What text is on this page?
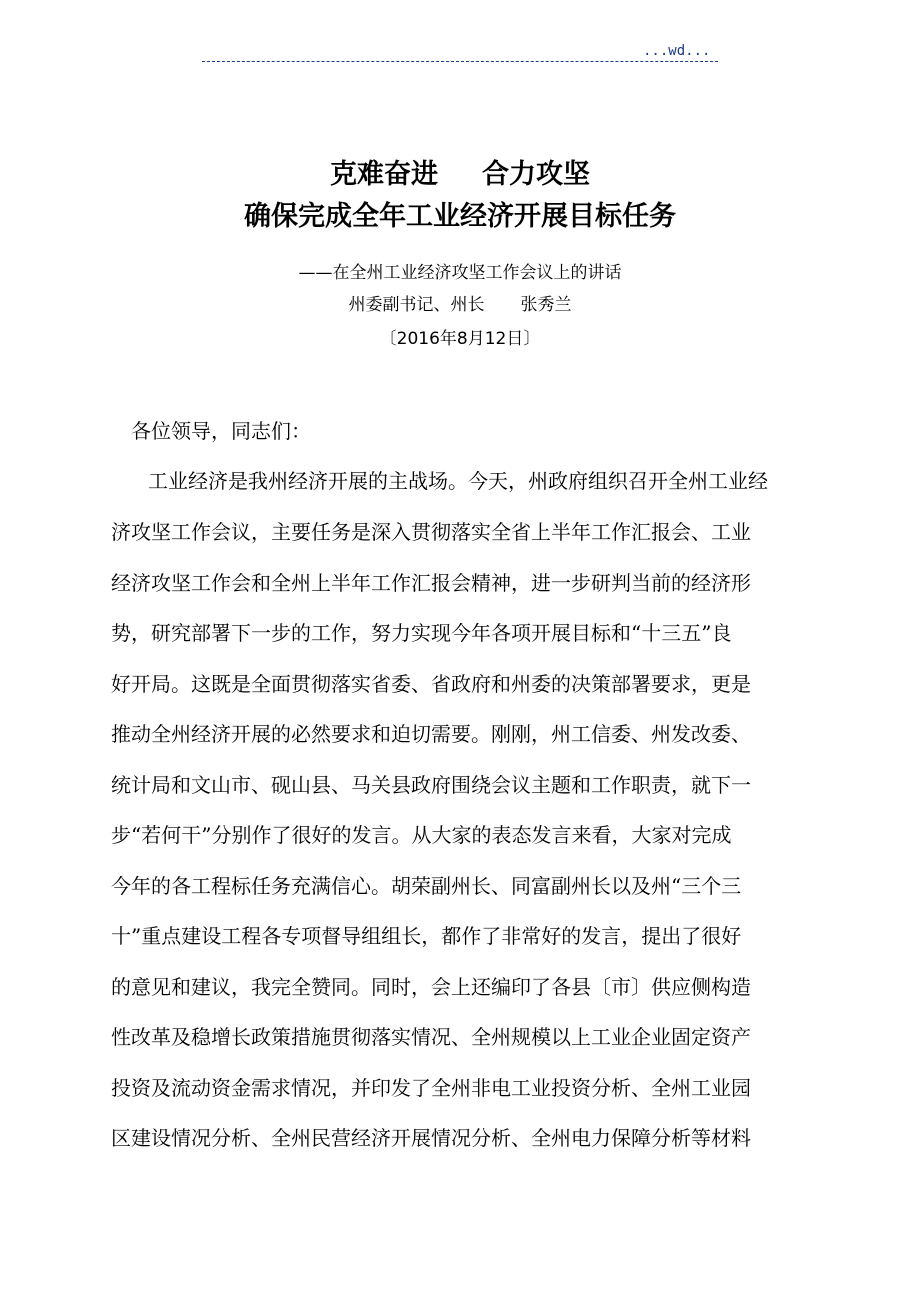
...wd...
克难奋进 合力攻坚
确保完成全年工业经济开展目标任务
——在全州工业经济攻坚工作会议上的讲话
州委副书记、州长 张秀兰
〔2016年8月12日〕
各位领导，同志们：
工业经济是我州经济开展的主战场。今天，州政府组织召开全州工业经
济攻坚工作会议，主要任务是深入贯彻落实全省上半年工作汇报会、工业
经济攻坚工作会和全州上半年工作汇报会精神，进一步研判当前的经济形
势，研究部署下一步的工作，努力实现今年各项开展目标和“十三五”良
好开局。这既是全面贯彻落实省委、省政府和州委的决策部署要求，更是
推动全州经济开展的必然要求和迫切需要。刚刚，州工信委、州发改委、
统计局和文山市、砚山县、马关县政府围绕会议主题和工作职责，就下一
步“若何干”分别作了很好的发言。从大家的表态发言来看，大家对完成
今年的各工程标任务充满信心。胡荣副州长、同富副州长以及州“三个三
十”重点建设工程各专项督导组组长，都作了非常好的发言，提出了很好
的意见和建议，我完全赞同。同时，会上还编印了各县〔市〕供应侧构造
性改革及稳增长政策措施贯彻落实情况、全州规模以上工业企业固定资产
投资及流动资金需求情况，并印发了全州非电工业投资分析、全州工业园
区建设情况分析、全州民营经济开展情况分析、全州电力保障分析等材料
